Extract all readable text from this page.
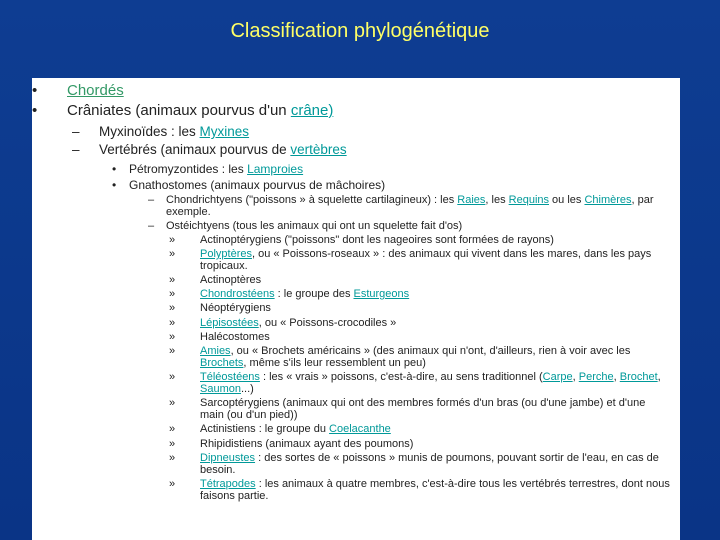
Classification phylogénétique
• Chordés
• Crâniates (animaux pourvus d'un crâne)
– Myxinoïdes : les Myxines
– Vertébrés (animaux pourvus de vertèbres
• Pétromyzontides : les Lamproies
• Gnathostomes (animaux pourvus de mâchoires)
– Chondrichtyens ("poissons » à squelette cartilagineux) : les Raies, les Requins ou les Chimères, par exemple.
– Ostéichtyens (tous les animaux qui ont un squelette fait d'os)
» Actinoptérygiens ("poissons" dont les nageoires sont formées de rayons)
» Polyptères, ou « Poissons-roseaux » : des animaux qui vivent dans les mares, dans les pays tropicaux.
» Actinoptères
» Chondrostéens : le groupe des Esturgeons
» Néoptérygiens
» Lépisostées, ou « Poissons-crocodiles »
» Halécostomes
» Amies, ou « Brochets américains » (des animaux qui n'ont, d'ailleurs, rien à voir avec les Brochets, même s'ils leur ressemblent un peu)
» Téléostéens : les « vrais » poissons, c'est-à-dire, au sens traditionnel (Carpe, Perche, Brochet, Saumon...)
» Sarcoptérygiens (animaux qui ont des membres formés d'un bras (ou d'une jambe) et d'une main (ou d'un pied))
» Actinistiens : le groupe du Coelacanthe
» Rhipidistiens (animaux ayant des poumons)
» Dipneustes : des sortes de « poissons » munis de poumons, pouvant sortir de l'eau, en cas de besoin.
» Tétrapodes : les animaux à quatre membres, c'est-à-dire tous les vertébrés terrestres, dont nous faisons partie.
